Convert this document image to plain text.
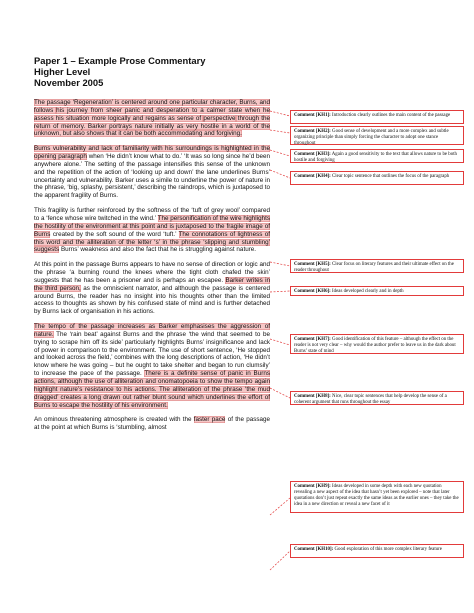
Paper 1 – Example Prose Commentary
Higher Level
November 2005

The passage ‘Regeneration’ is centered around one particular character, Burns, and follows his journey from sheer panic and desperation to a calmer state when he assess his situation more logically and regains as sense of perspective through the return of memory. Barker portrays nature initially as very hostile in a world of the unknown, but also shows that it can be both accommodating and forgiving.

Burns vulnerability and lack of familiarity with his surroundings is highlighted in the opening paragraph when ‘He didn’t know what to do.’ ‘It was so long since he’d been anywhere alone.’ The setting of the passage intensifies this sense of the unknown and the repetition of the action of ‘looking up and down’ the lane underlines Burns’ uncertainty and vulnerability. Barker uses a simile to underline the power of nature in the phrase, ‘big, splashy, persistent,’ describing the raindrops, which is juxtaposed to the apparent fragility of Burns.

This fragility is further reinforced by the softness of the ‘tuft of grey wool’ compared to a ‘fence whose wire twitched in the wind.’ The personification of the wire highlights the hostility of the environment at this point and is juxtaposed to the fragile image of Burns created by the soft sound of the word ‘tuft.’ The connotations of lightness of this word and the alliteration of the letter ‘s’ in the phrase ‘slipping and stumbling’ suggests Burns’ weakness and also the fact that he is struggling against nature.

At this point in the passage Burns appears to have no sense of direction or logic and the phrase ‘a burning round the knees where the tight cloth chafed the skin’ suggests that he has been a prisoner and is perhaps an escapee. Barker writes in the third person, as the omniscient narrator, and although the passage is centered around Burns, the reader has no insight into his thoughts other than the limited access to thoughts as shown by his confused state of mind and is further detached by Burns lack of organisation in his actions.

The tempo of the passage increases as Barker emphasises the aggression of nature. The ‘rain beat’ against Burns and the phrase ‘the wind that seemed to be trying to scrape him off its side’ particularly highlights Burns’ insignificance and lack of power in comparison to the environment. The use of short sentence, ‘He stopped and looked across the field,’ combines with the long descriptions of action, ‘He didn’t know where he was going – but he ought to take shelter and began to run clumsily’ to increase the pace of the passage. There is a definite sense of panic in Burns actions, although the use of alliteration and onomatopoeia to show the tempo again highlight nature’s resistance to his actions. The alliteration of the phrase ‘the mud dragged’ creates a long drawn out rather blunt sound which underlines the effort of Burns to escape the hostility of his environment.

An ominous threatening atmosphere is created with the faster pace of the passage at the point at which Burns is ‘stumbling, almost

Comment [KH1]: Introduction clearly outlines the main content of the passage
Comment [KH2]: Good sense of development and a more complex and subtle organizing principle than simply forcing the character to adopt one stance throughout
Comment [KH3]: Again a good sensitivity to the text that allows nature to be both hostile and forgiving
Comment [KH4]: Clear topic sentence that outlines the focus of the paragraph
Comment [KH5]: Clear focus on literary features and their ultimate effect on the reader throughout
Comment [KH6]: Ideas developed clearly and in depth
Comment [KH7]: Good identification of this feature – although the effect on the reader is not very clear – why would the author prefer to leave us in the dark about Burns’ state of mind
Comment [KH8]: Nice, clear topic sentences that help develop the sense of a coherent argument that runs throughout the essay
Comment [KH9]: Ideas developed in some depth with each new quotation revealing a new aspect of the idea that hasn’t yet been explored – note that later quotations don’t just repeat exactly the same ideas as the earlier ones – they take the idea in a new direction or reveal a new facet of it
Comment [KH10]: Good exploration of this more complex literary feature
